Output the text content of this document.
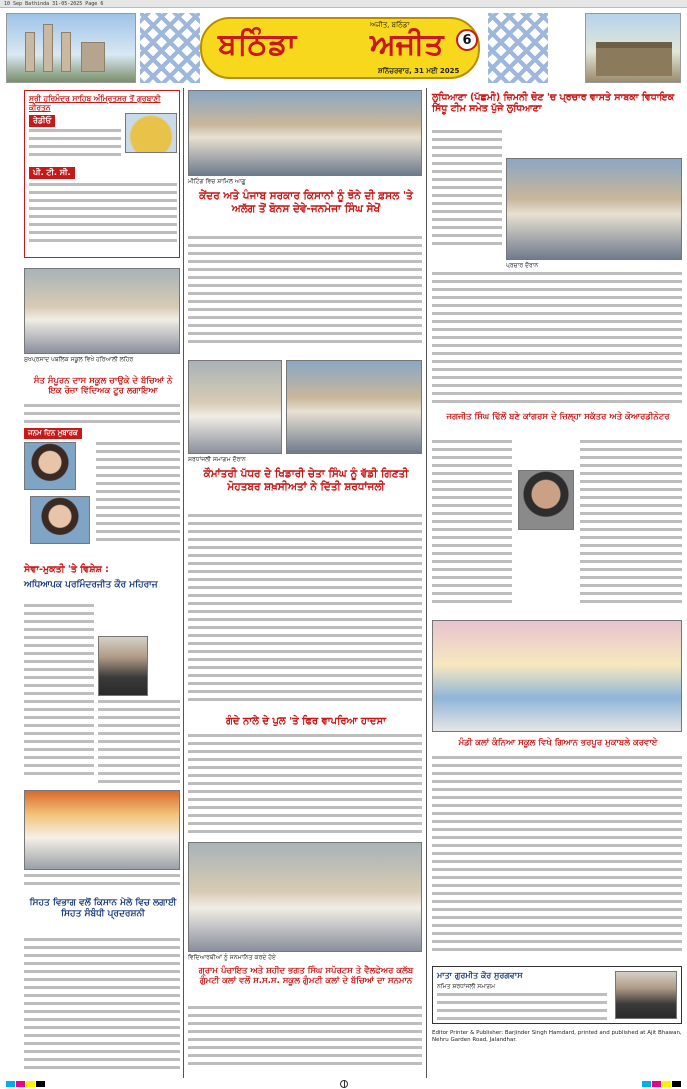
10 Sep Bathinda 31-05-2025 Page 6
ਬਠਿੰਡਾ
ਅਜੀਤ, ਬਠਿੰਡਾ
ਅਜੀਤ
ਸ਼ਨਿੱਚਰਵਾਰ, 31 ਮਈ 2025
6
ਸ੍ਰੀ ਹਰਿਮੰਦਰ ਸਾਹਿਬ ਅੰਮ੍ਰਿਤਸਰ ਤੋਂ ਗੁਰਬਾਣੀ ਕੀਰਤਨ
ਰੇਡੀਓ
ਪੀ. ਟੀ. ਸੀ.
ਸੁਖਪ੍ਰਸਾਦ ਪਬਲਿਕ ਸਕੂਲ ਵਿਖੇ ਹਰਿਆਲੀ ਲਹਿਰ
ਸੰਤ ਸੰਪੂਰਨ ਦਾਸ ਸਕੂਲ ਚਾਉਕੇ ਦੇ ਬੱਚਿਆਂ ਨੇ ਇਕ ਰੋਜ਼ਾ ਵਿੱਦਿਅਕ ਟੂਰ ਲਗਾਇਆ
ਜਨਮ ਦਿਨ ਮੁਬਾਰਕ
ਸੇਵਾ-ਮੁਕਤੀ 'ਤੇ ਵਿਸ਼ੇਸ਼ :
ਅਧਿਆਪਕ ਪਰਮਿੰਦਰਜੀਤ ਕੌਰ ਮਹਿਰਾਜ
ਸਿਹਤ ਵਿਭਾਗ ਵਲੋਂ ਕਿਸਾਨ ਮੇਲੇ ਵਿਚ ਲਗਾਈ ਸਿਹਤ ਸੰਬੰਧੀ ਪ੍ਰਦਰਸ਼ਨੀ
ਮੀਟਿੰਗ ਵਿਚ ਸ਼ਾਮਿਲ ਆਗੂ
ਕੇਂਦਰ ਅਤੇ ਪੰਜਾਬ ਸਰਕਾਰ ਕਿਸਾਨਾਂ ਨੂੰ ਝੋਨੇ ਦੀ ਫ਼ਸਲ 'ਤੇ ਅਲੱਗ ਤੋਂ ਬੋਨਸ ਦੇਵੇ-ਜਨਮੇਜਾ ਸਿੰਘ ਸੇਖੋਂ
ਸ਼ਰਧਾਂਜਲੀ ਸਮਾਗਮ ਦੌਰਾਨ
ਕੌਮਾਂਤਰੀ ਪੱਧਰ ਦੇ ਖਿਡਾਰੀ ਚੇਤਾ ਸਿੰਘ ਨੂੰ ਵੱਡੀ ਗਿਣਤੀ ਮੋਹਤਬਰ ਸ਼ਖ਼ਸੀਅਤਾਂ ਨੇ ਦਿੱਤੀ ਸ਼ਰਧਾਂਜਲੀ
ਗੰਦੇ ਨਾਲੇ ਦੇ ਪੁਲ 'ਤੇ ਫਿਰ ਵਾਪਰਿਆ ਹਾਦਸਾ
ਵਿਦਿਆਰਥੀਆਂ ਨੂੰ ਸਨਮਾਨਿਤ ਕਰਦੇ ਹੋਏ
ਗ੍ਰਾਮ ਪੰਚਾਇਤ ਅਤੇ ਸ਼ਹੀਦ ਭਗਤ ਸਿੰਘ ਸਪੋਰਟਸ ਤੇ ਵੈਲਫੇਅਰ ਕਲੱਬ ਗੁੰਮਟੀ ਕਲਾਂ ਵਲੋਂ ਸ.ਸ.ਸ. ਸਕੂਲ ਗੁੰਮਟੀ ਕਲਾਂ ਦੇ ਬੱਚਿਆਂ ਦਾ ਸਨਮਾਨ
ਲੁਧਿਆਣਾ (ਪੱਛਮੀ) ਜ਼ਿਮਨੀ ਚੋਣ 'ਚ ਪ੍ਰਚਾਰ ਵਾਸਤੇ ਸਾਬਕਾ ਵਿਧਾਇਕ ਸਿੱਧੂ ਟੀਮ ਸਮੇਤ ਪੁੱਜੇ ਲੁਧਿਆਣਾ
ਪ੍ਰਚਾਰ ਦੌਰਾਨ
ਜਗਜੀਤ ਸਿੰਘ ਢਿੱਲੋਂ ਬਣੇ ਕਾਂਗਰਸ ਦੇ ਜ਼ਿਲ੍ਹਾ ਸਕੱਤਰ ਅਤੇ ਕੋਆਰਡੀਨੇਟਰ
ਮੰਡੀ ਕਲਾਂ ਕੰਨਿਆ ਸਕੂਲ ਵਿਖੇ ਗਿਆਨ ਭਰਪੂਰ ਮੁਕਾਬਲੇ ਕਰਵਾਏ
ਮਾਤਾ ਗੁਰਮੀਤ ਕੌਰ ਸੁਰਗਵਾਸ
ਨਮਿਤ ਸ਼ਰਧਾਂਜਲੀ ਸਮਾਗਮ
Editor Printer & Publisher: Barjinder Singh Hamdard, printed and published at Ajit Bhawan, Nehru Garden Road, Jalandhar.
